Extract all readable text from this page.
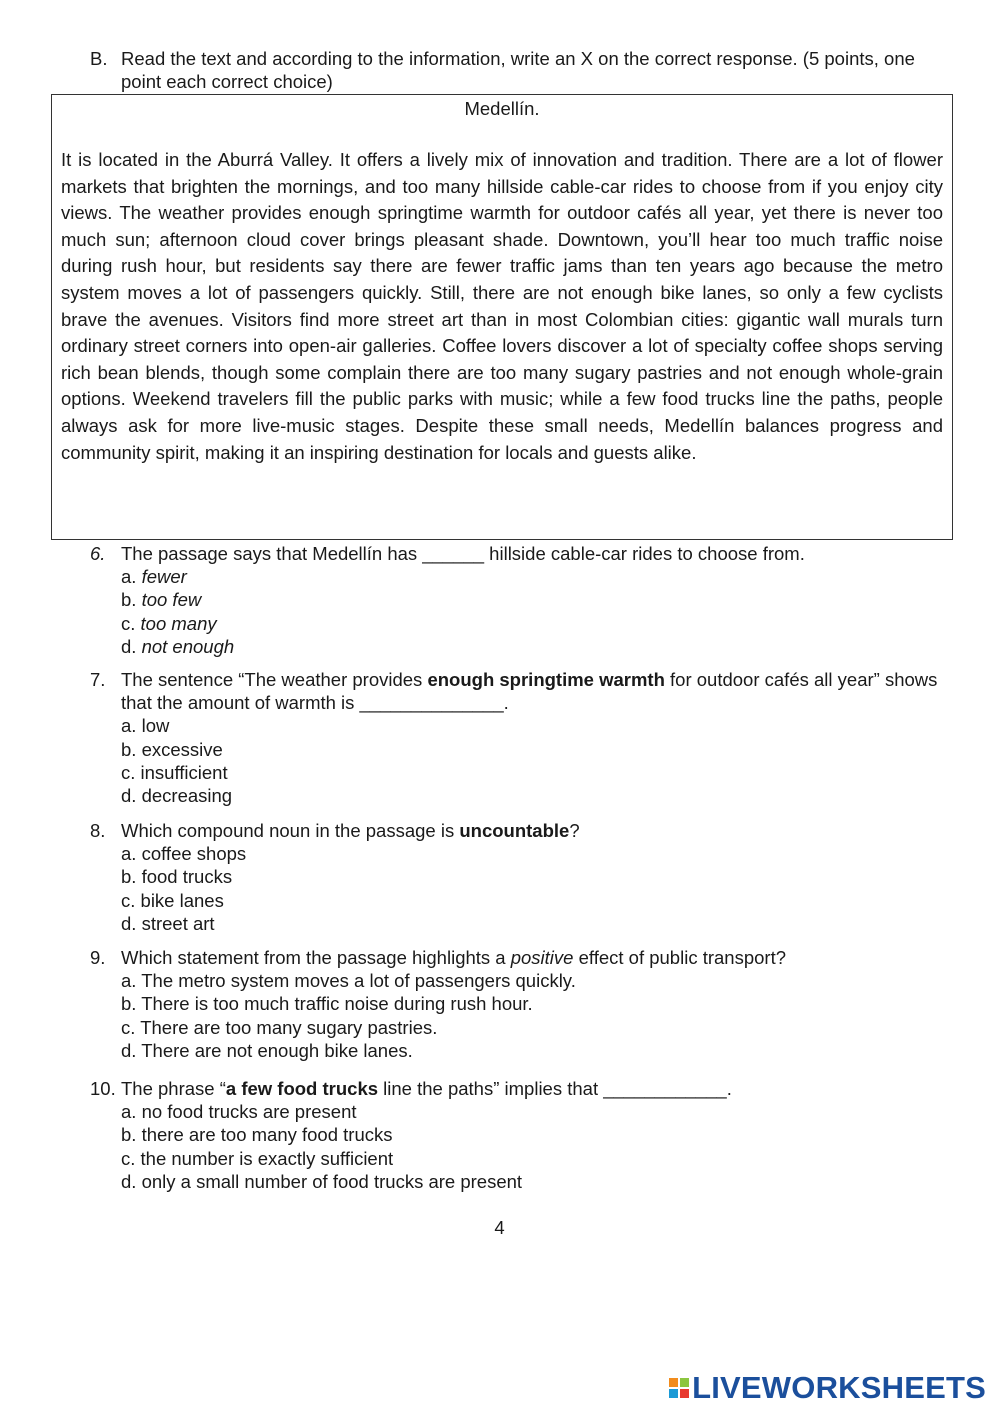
B. Read the text and according to the information, write an X on the correct response. (5 points, one point each correct choice)
Medellín.
It is located in the Aburrá Valley. It offers a lively mix of innovation and tradition. There are a lot of flower markets that brighten the mornings, and too many hillside cable-car rides to choose from if you enjoy city views. The weather provides enough springtime warmth for outdoor cafés all year, yet there is never too much sun; afternoon cloud cover brings pleasant shade. Downtown, you’ll hear too much traffic noise during rush hour, but residents say there are fewer traffic jams than ten years ago because the metro system moves a lot of passengers quickly. Still, there are not enough bike lanes, so only a few cyclists brave the avenues. Visitors find more street art than in most Colombian cities: gigantic wall murals turn ordinary street corners into open-air galleries. Coffee lovers discover a lot of specialty coffee shops serving rich bean blends, though some complain there are too many sugary pastries and not enough whole-grain options. Weekend travelers fill the public parks with music; while a few food trucks line the paths, people always ask for more live-music stages. Despite these small needs, Medellín balances progress and community spirit, making it an inspiring destination for locals and guests alike.
6. The passage says that Medellín has ______ hillside cable-car rides to choose from.
a. fewer
b. too few
c. too many
d. not enough
7. The sentence “The weather provides enough springtime warmth for outdoor cafés all year” shows that the amount of warmth is ______________.
a. low
b. excessive
c. insufficient
d. decreasing
8. Which compound noun in the passage is uncountable?
a. coffee shops
b. food trucks
c. bike lanes
d. street art
9. Which statement from the passage highlights a positive effect of public transport?
a. The metro system moves a lot of passengers quickly.
b. There is too much traffic noise during rush hour.
c. There are too many sugary pastries.
d. There are not enough bike lanes.
10. The phrase “a few food trucks line the paths” implies that ____________.
a. no food trucks are present
b. there are too many food trucks
c. the number is exactly sufficient
d. only a small number of food trucks are present
4
LIVEWORKSHEETS
